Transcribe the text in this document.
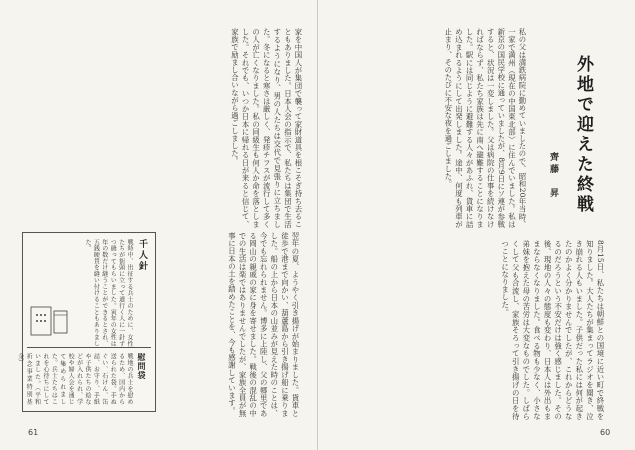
外地で迎えた終戦
齊藤　昇
私の父は満鉄病院に勤めていましたので、昭和20年当時、一家で満州（現在の中国東北部）に住んでいました。私は新京の国民学校に通っていましたが、8月9日にソ連が参戦すると、状況は一変しました。父は病院の仕事を続けなければならず、私たち家族は先に南へ避難することになりました。駅には同じように避難する人々があふれ、貨車に詰め込まれるようにして出発しました。途中、何度も列車が止まり、そのたびに不安な夜を過ごしました。
8月15日、私たちは朝鮮との国境に近い町で終戦を知りました。大人たちが集まってラジオを聞き、泣き崩れる人もいました。子供だった私には何が起きたのかよく分かりませんでしたが、これからどうなるのだろうという不安だけは強く感じました。その後、現地の人々の態度も変わり、日本人は外出もままならなくなりました。食べる物も少なく、小さな弟妹を抱えた母の苦労は大変なものでした。しばらくして父も合流し、家族そろって引き揚げの日を待つことになりました。
60
家を中国人が集団で襲って家財道具を根こそぎ持ち去ることもありました。日本人会の指示で、私たちは集団で生活するようになり、男の人たちは交代で見張りに立ちました。冬になると寒さは厳しく、発疹チフスが流行して多くの人が亡くなりました。私の同級生も何人か命を落としました。それでも、いつか日本に帰れる日が来ると信じて、家族で励まし合いながら過ごしました。
翌年の夏、ようやく引き揚げが始まりました。貨車と徒歩で港まで向かい、葫蘆島から引き揚げ船に乗りました。船の上から日本の山並みが見えた時のことは、今でも忘れられません。博多に上陸し、父の郷里である岡山の親戚の家に身を寄せました。戦後の混乱の中での生活は楽ではありませんでしたが、家族全員が無事に日本の土を踏めたことを、今も感謝しています。
千人針
戦時中、出征する兵士のために、女性たちが街頭に立って道行く人に一針ずつ縫ってもらいました。寅年の女性は年の数だけ縫うことができるとされ、五銭硬貨を縫い付けることもありました。
慰問袋
戦地の兵士を慰めるため、国内から送られた袋。手ぬぐい、石けん、缶詰、お守り、手紙や子供たちの絵などが入れられ、学校や婦人会を通じて集められました。兵士たちはこれを心待ちにしていました。（平和祈念事業特別基金）
61
